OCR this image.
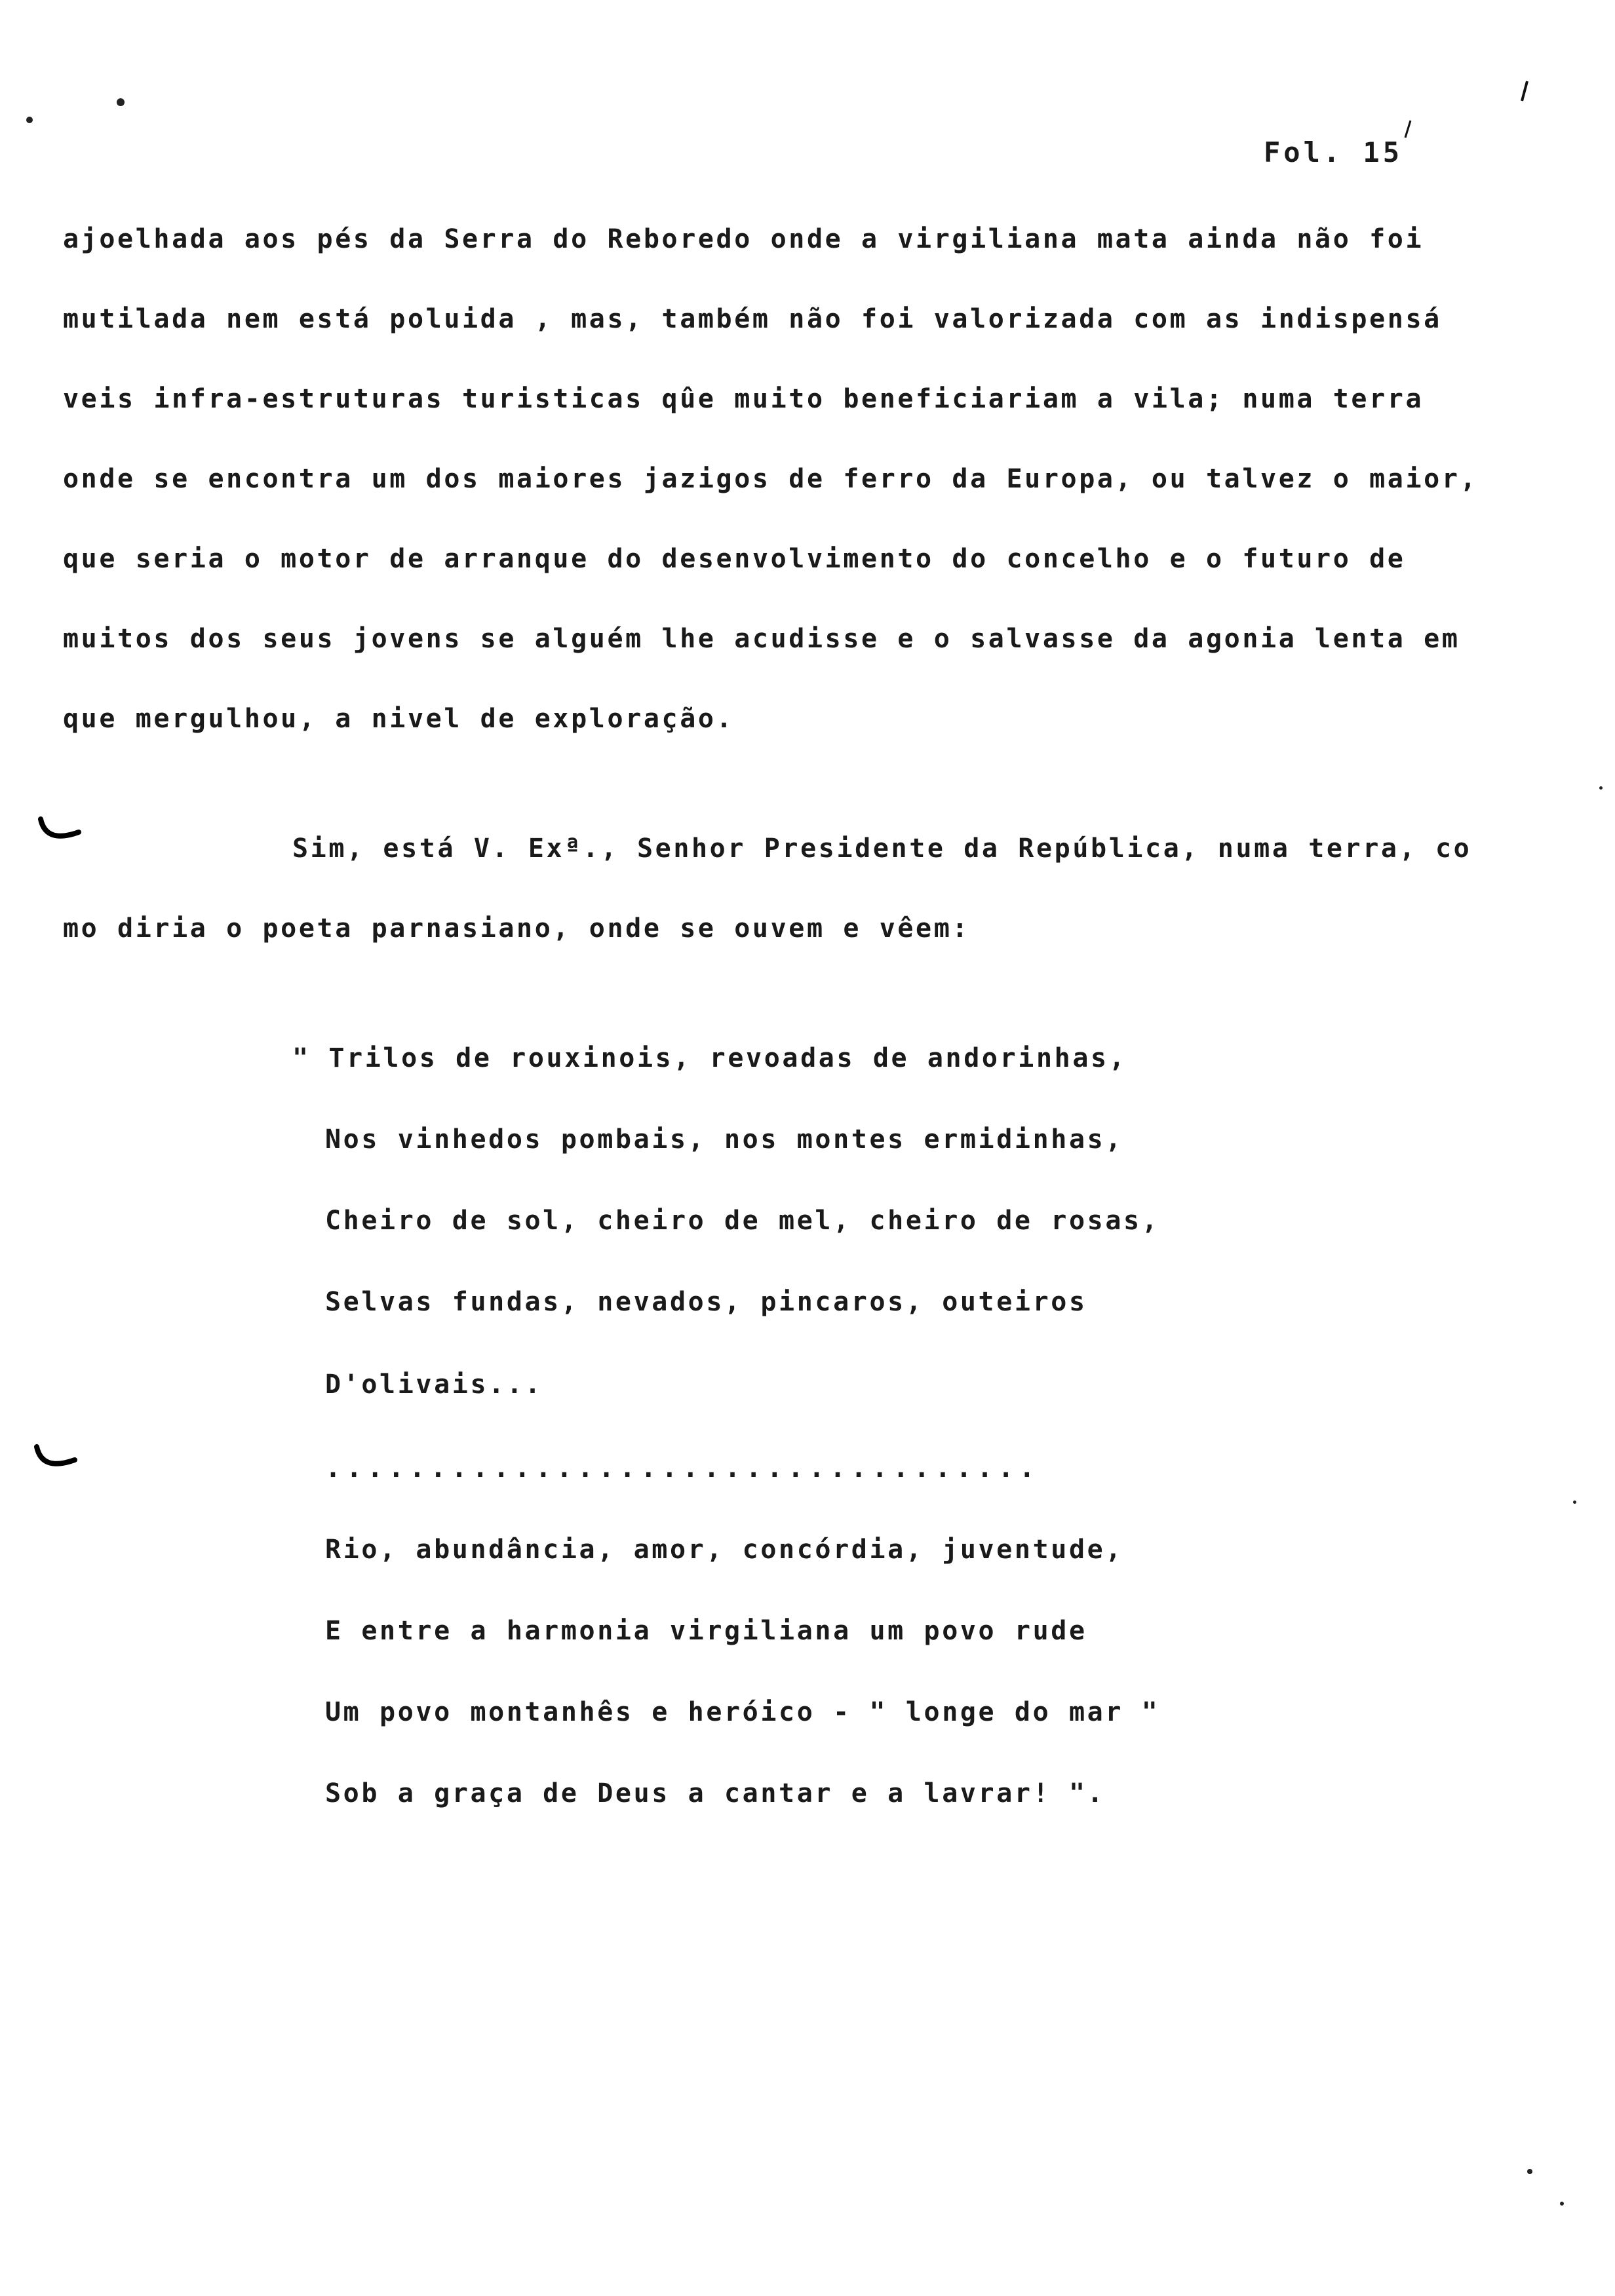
Fol. 15
ajoelhada aos pés da Serra do Reboredo onde a virgiliana mata ainda não foi
mutilada nem está poluida , mas, também não foi valorizada com as indispensá
veis infra-estruturas turisticas qûe muito beneficiariam a vila; numa terra
onde se encontra um dos maiores jazigos de ferro da Europa, ou talvez o maior,
que seria o motor de arranque do desenvolvimento do concelho e o futuro de
muitos dos seus jovens se alguém lhe acudisse e o salvasse da agonia lenta em
que mergulhou, a nivel de exploração.
Sim, está V. Exª., Senhor Presidente da República, numa terra, co
mo diria o poeta parnasiano, onde se ouvem e vêem:
" Trilos de rouxinois, revoadas de andorinhas,
Nos vinhedos pombais, nos montes ermidinhas,
Cheiro de sol, cheiro de mel, cheiro de rosas,
Selvas fundas, nevados, pincaros, outeiros
D'olivais...
..................................
Rio, abundância, amor, concórdia, juventude,
E entre a harmonia virgiliana um povo rude
Um povo montanhês e heróico - " longe do mar "
Sob a graça de Deus a cantar e a lavrar! ".
